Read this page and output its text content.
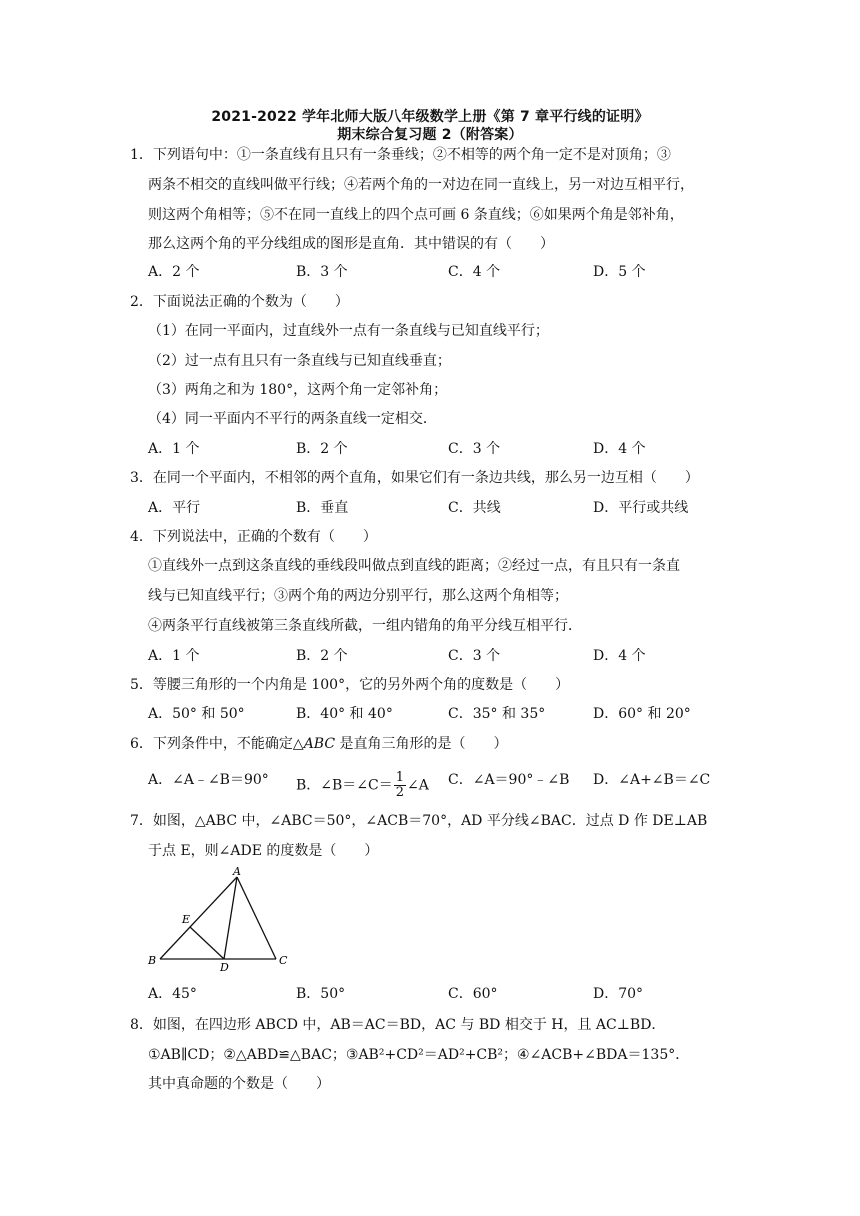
2021-2022 学年北师大版八年级数学上册《第 7 章平行线的证明》
期末综合复习题 2（附答案）
1．下列语句中：①一条直线有且只有一条垂线；②不相等的两个角一定不是对顶角；③
两条不相交的直线叫做平行线；④若两个角的一对边在同一直线上，另一对边互相平行，
则这两个角相等；⑤不在同一直线上的四个点可画 6 条直线；⑥如果两个角是邻补角，
那么这两个角的平分线组成的图形是直角．其中错误的有（　　）
A．2 个	B．3 个	C．4 个	D．5 个
2．下面说法正确的个数为（　　）
（1）在同一平面内，过直线外一点有一条直线与已知直线平行；
（2）过一点有且只有一条直线与已知直线垂直；
（3）两角之和为 180°，这两个角一定邻补角；
（4）同一平面内不平行的两条直线一定相交．
A．1 个	B．2 个	C．3 个	D．4 个
3．在同一个平面内，不相邻的两个直角，如果它们有一条边共线，那么另一边互相（　　）
A．平行	B．垂直	C．共线	D．平行或共线
4．下列说法中，正确的个数有（　　）
①直线外一点到这条直线的垂线段叫做点到直线的距离；②经过一点，有且只有一条直
线与已知直线平行；③两个角的两边分别平行，那么这两个角相等；
④两条平行直线被第三条直线所截，一组内错角的角平分线互相平行．
A．1 个	B．2 个	C．3 个	D．4 个
5．等腰三角形的一个内角是 100°，它的另外两个角的度数是（　　）
A．50° 和 50°	B．40° 和 40°	C．35° 和 35°	D．60° 和 20°
6．下列条件中，不能确定△ABC 是直角三角形的是（　　）
A．∠A﹣∠B＝90° B．∠B＝∠C＝ $\frac{1}{2}$ ∠A C．∠A＝90°﹣∠B D．∠A+∠B＝∠C
7．如图，△ABC 中，∠ABC＝50°，∠ACB＝70°，AD 平分线∠BAC．过点 D 作 DE⊥AB
于点 E，则∠ADE 的度数是（　　）
A
B	C
D
E
A．45°	B．50°	C．60°	D．70°
8．如图，在四边形 ABCD 中，AB＝AC＝BD，AC 与 BD 相交于 H，且 AC⊥BD．
①AB∥CD；②△ABD≌△BAC；③AB²+CD²＝AD²+CB²；④∠ACB+∠BDA＝135°．
其中真命题的个数是（　　）
